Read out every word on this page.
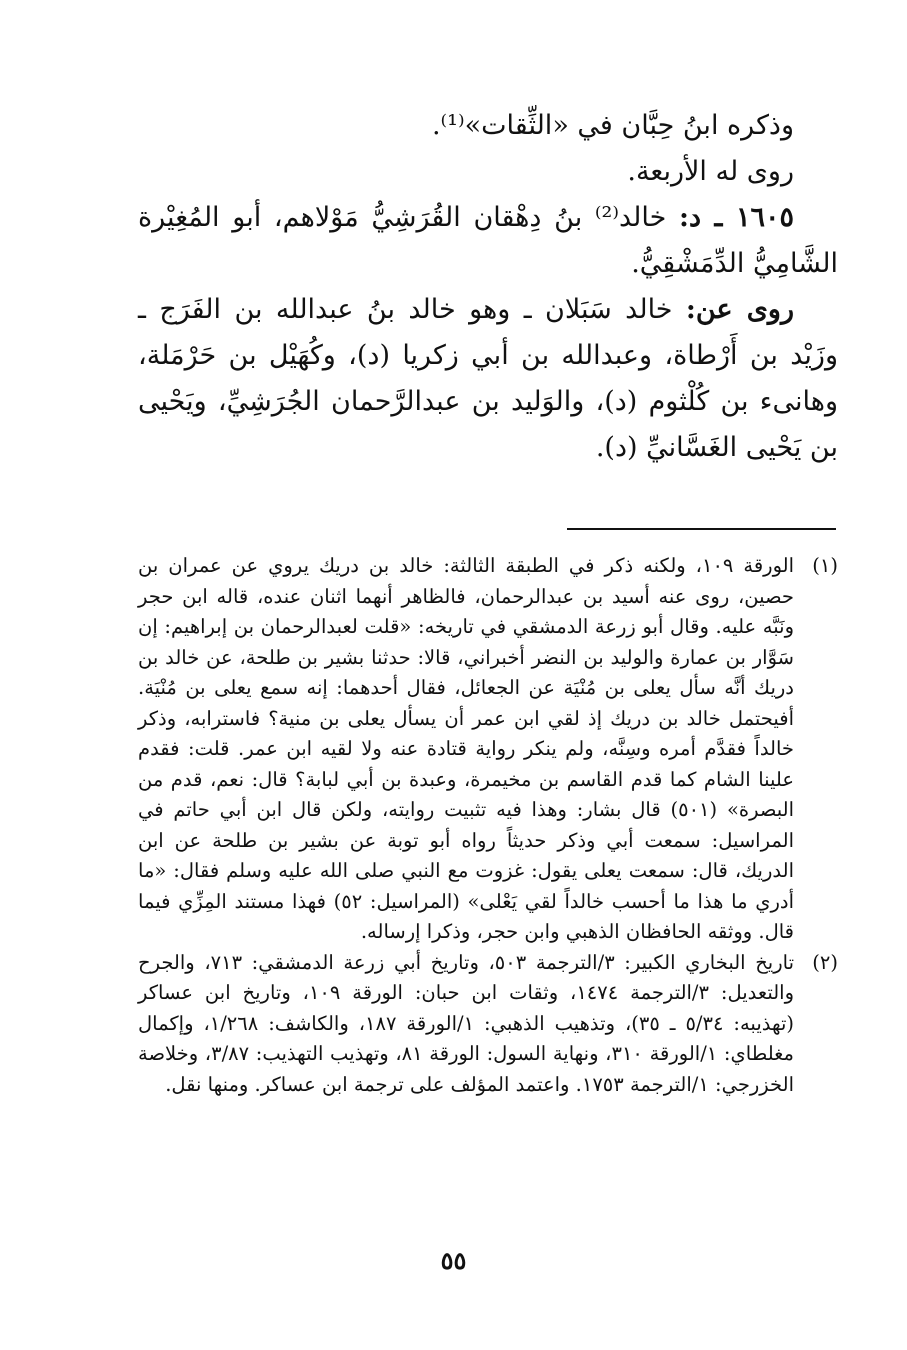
وذكره ابنُ حِبَّان في «الثِّقات»⁽¹⁾.

روى له الأربعة.

١٦٠٥ ـ د: خالد⁽²⁾ بنُ دِهْقان القُرَشِيُّ مَوْلاهم، أبو المُغِيْرة الشَّامِيُّ الدِّمَشْقِيُّ.

روى عن: خالد سَبَلان ـ وهو خالد بنُ عبدالله بن الفَرَج ـ وزَيْد بن أَرْطاة، وعبدالله بن أبي زكريا (د)، وكُهَيْل بن حَرْمَلة، وهانىء بن كُلْثوم (د)، والوَليد بن عبدالرَّحمان الجُرَشِيِّ، ويَحْيى بن يَحْيى الغَسَّانيِّ (د).

(١)
الورقة ١٠٩، ولكنه ذكر في الطبقة الثالثة: خالد بن دريك يروي عن عمران بن حصين، روى عنه أسيد بن عبدالرحمان، فالظاهر أنهما اثنان عنده، قاله ابن حجر ونَبَّه عليه. وقال أبو زرعة الدمشقي في تاريخه: «قلت لعبدالرحمان بن إبراهيم: إن سَوَّار بن عمارة والوليد بن النضر أخبراني، قالا: حدثنا بشير بن طلحة، عن خالد بن دريك أنَّه سأل يعلى بن مُنْيَة عن الجعائل، فقال أحدهما: إنه سمع يعلى بن مُنْيَة. أفيحتمل خالد بن دريك إذ لقي ابن عمر أن يسأل يعلى بن منية؟ فاسترابه، وذكر خالداً فقدَّم أمره وسِنَّه، ولم ينكر رواية قتادة عنه ولا لقيه ابن عمر. قلت: فقدم علينا الشام كما قدم القاسم بن مخيمرة، وعبدة بن أبي لبابة؟ قال: نعم، قدم من البصرة» (٥٠١) قال بشار: وهذا فيه تثبيت روايته، ولكن قال ابن أبي حاتم في المراسيل: سمعت أبي وذكر حديثاً رواه أبو توبة عن بشير بن طلحة عن ابن الدريك، قال: سمعت يعلى يقول: غزوت مع النبي صلى الله عليه وسلم فقال: «ما أدري ما هذا ما أحسب خالداً لقي يَعْلى» (المراسيل: ٥٢) فهذا مستند المِزِّي فيما قال. ووثقه الحافظان الذهبي وابن حجر، وذكرا إرساله.
(٢)
تاريخ البخاري الكبير: ٣/الترجمة ٥٠٣، وتاريخ أبي زرعة الدمشقي: ٧١٣، والجرح والتعديل: ٣/الترجمة ١٤٧٤، وثقات ابن حبان: الورقة ١٠٩، وتاريخ ابن عساكر (تهذيبه: ٥/٣٤ ـ ٣٥)، وتذهيب الذهبي: ١/الورقة ١٨٧، والكاشف: ١/٢٦٨، وإكمال مغلطاي: ١/الورقة ٣١٠، ونهاية السول: الورقة ٨١، وتهذيب التهذيب: ٣/٨٧، وخلاصة الخزرجي: ١/الترجمة ١٧٥٣. واعتمد المؤلف على ترجمة ابن عساكر. ومنها نقل.
٥٥
